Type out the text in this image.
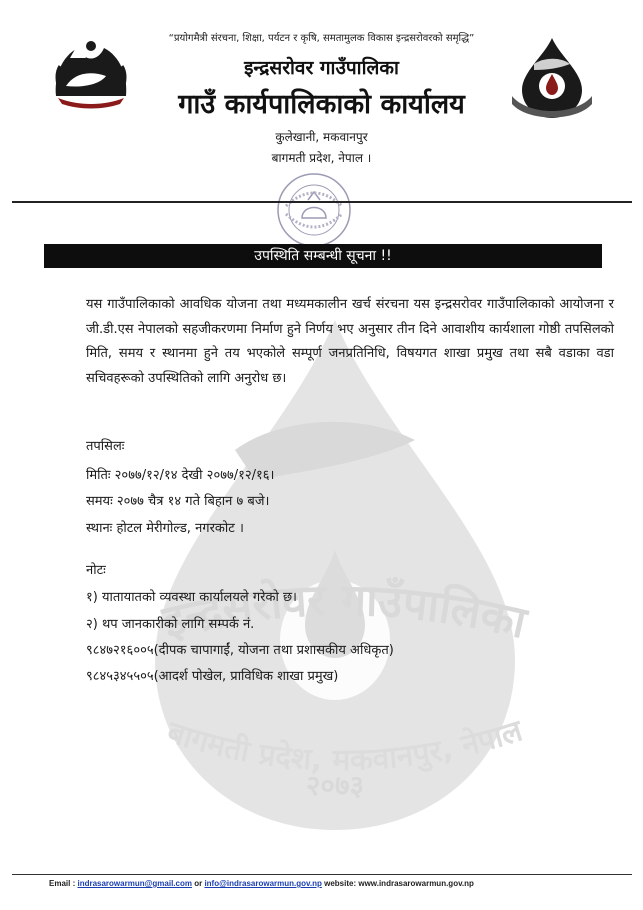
इन्द्रसरोवर गाउँपालिका
बागमती प्रदेश, मकवानपुर, नेपाल
२०७३
“प्रयोगमैत्री संरचना, शिक्षा, पर्यटन र कृषि, समतामुलक विकास इन्द्रसरोवरको समृद्धि”
इन्द्रसरोवर गाउँपालिका
गाउँ कार्यपालिकाको कार्यालय
कुलेखानी, मकवानपुर
बागमती प्रदेश, नेपाल ।
उपस्थिति सम्बन्धी सूचना !!
यस गाउँपालिकाको आवधिक योजना तथा मध्यमकालीन खर्च संरचना यस इन्द्रसरोवर गाउँपालिकाको आयोजना र जी.डी.एस नेपालको सहजीकरणमा निर्माण हुने निर्णय भए अनुसार तीन दिने आवाशीय कार्यशाला गोष्ठी तपसिलको मिति, समय र स्थानमा हुने तय भएकोले सम्पूर्ण जनप्रतिनिधि, विषयगत शाखा प्रमुख तथा सबै वडाका वडा सचिवहरूको उपस्थितिको लागि अनुरोध छ।
तपसिलः
मितिः २०७७/१२/१४ देखी २०७७/१२/१६।
समयः २०७७ चैत्र १४ गते बिहान ७ बजे।
स्थानः होटल मेरीगोल्ड, नगरकोट ।
नोटः
१) यातायातको व्यवस्था कार्यालयले गरेको छ।
२) थप जानकारीको लागि सम्पर्क नं.
९८४७२१६००५(दीपक चापागाईं, योजना तथा प्रशासकीय अधिकृत)
९८४५३४५५०५(आदर्श पोखेल, प्राविधिक शाखा प्रमुख)
Email : indrasarowarmun@gmail.com or info@indrasarowarmun.gov.np website: www.indrasarowarmun.gov.np
